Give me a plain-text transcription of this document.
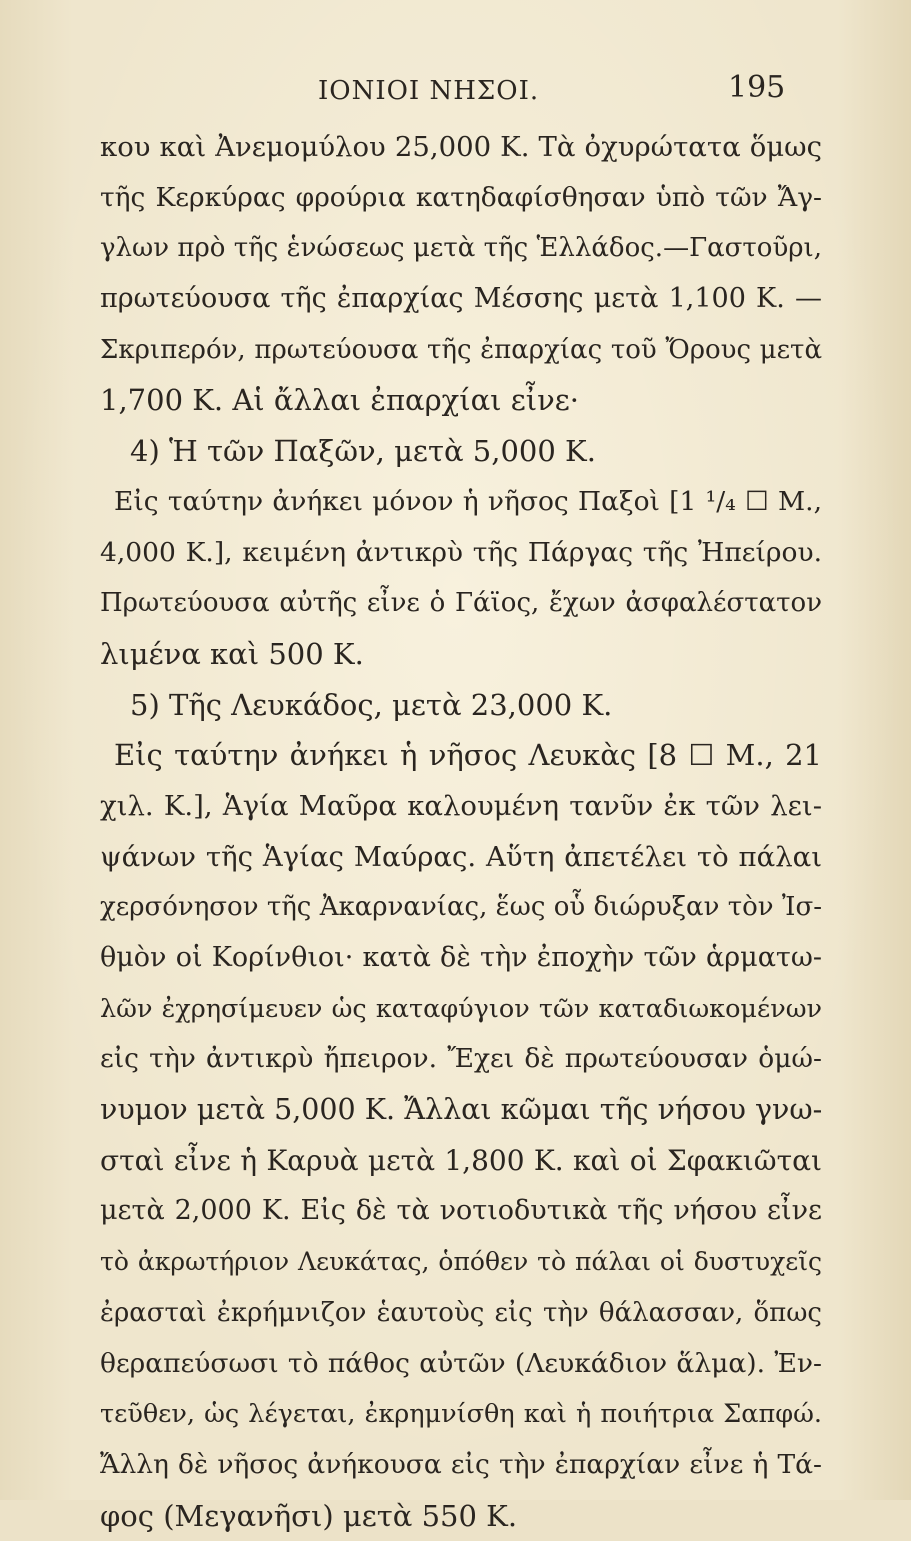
ΙΟΝΙΟΙ ΝΗΣΟΙ.	195
κου καὶ Ἀνεμομύλου 25,000 Κ. Τὰ ὀχυρώτατα ὅμως
τῆς Κερκύρας φρούρια κατηδαφίσθησαν ὑπὸ τῶν Ἄγ-
γλων πρὸ τῆς ἑνώσεως μετὰ τῆς Ἑλλάδος.—Γαστοῦρι,
πρωτεύουσα τῆς ἐπαρχίας Μέσσης μετὰ 1,100 Κ. —
Σκριπερόν, πρωτεύουσα τῆς ἐπαρχίας τοῦ Ὄρους μετὰ
1,700 Κ. Αἱ ἄλλαι ἐπαρχίαι εἶνε·
4) Ἡ τῶν Παξῶν, μετὰ 5,000 Κ.
Εἰς ταύτην ἀνήκει μόνον ἡ νῆσος Παξοὶ [1 ¹/₄ ☐ Μ.,
4,000 Κ.], κειμένη ἀντικρὺ τῆς Πάργας τῆς Ἠπείρου.
Πρωτεύουσα αὐτῆς εἶνε ὁ Γάϊος, ἔχων ἀσφαλέστατον
λιμένα καὶ 500 Κ.
5) Τῆς Λευκάδος, μετὰ 23,000 Κ.
Εἰς ταύτην ἀνήκει ἡ νῆσος Λευκὰς [8 ☐ Μ., 21
χιλ. Κ.], Ἁγία Μαῦρα καλουμένη τανῦν ἐκ τῶν λει-
ψάνων τῆς Ἁγίας Μαύρας. Αὕτη ἀπετέλει τὸ πάλαι
χερσόνησον τῆς Ἀκαρνανίας, ἕως οὗ διώρυξαν τὸν Ἰσ-
θμὸν οἱ Κορίνθιοι· κατὰ δὲ τὴν ἐποχὴν τῶν ἁρματω-
λῶν ἐχρησίμευεν ὡς καταφύγιον τῶν καταδιωκομένων
εἰς τὴν ἀντικρὺ ἤπειρον. Ἔχει δὲ πρωτεύουσαν ὁμώ-
νυμον μετὰ 5,000 Κ. Ἄλλαι κῶμαι τῆς νήσου γνω-
σταὶ εἶνε ἡ Καρυὰ μετὰ 1,800 Κ. καὶ οἱ Σφακιῶται
μετὰ 2,000 Κ. Εἰς δὲ τὰ νοτιοδυτικὰ τῆς νήσου εἶνε
τὸ ἀκρωτήριον Λευκάτας, ὁπόθεν τὸ πάλαι οἱ δυστυχεῖς
ἐρασταὶ ἐκρήμνιζον ἑαυτοὺς εἰς τὴν θάλασσαν, ὅπως
θεραπεύσωσι τὸ πάθος αὐτῶν (Λευκάδιον ἅλμα). Ἐν-
τεῦθεν, ὡς λέγεται, ἐκρημνίσθη καὶ ἡ ποιήτρια Σαπφώ.
Ἄλλη δὲ νῆσος ἀνήκουσα εἰς τὴν ἐπαρχίαν εἶνε ἡ Τά-
φος (Μεγανῆσι) μετὰ 550 Κ.
